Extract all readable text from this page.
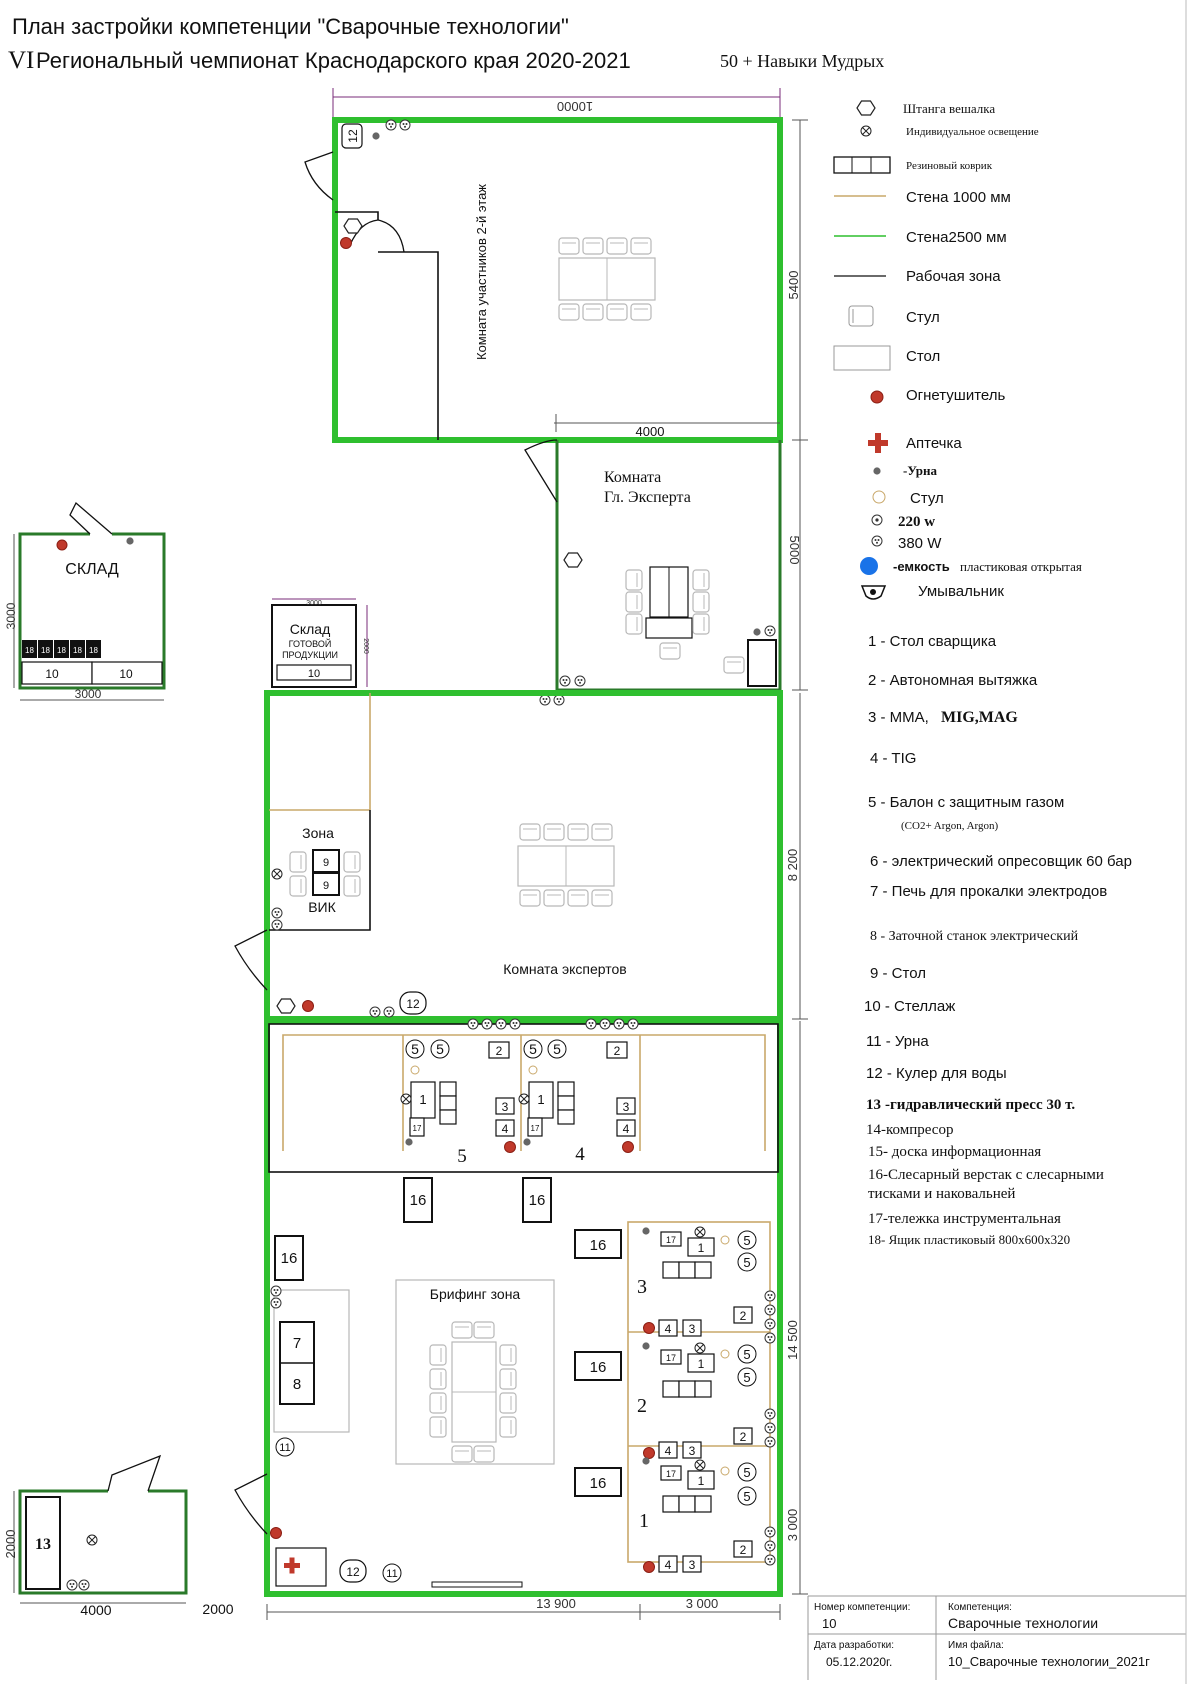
План застройки компетенции "Сварочные технологии"
VI Региональный чемпионат Краснодарского края 2020-2021	50 + Навыки Мудрых
10000
Комната участников 2-й этаж
12
4000
5400
Комната
Гл. Эксперта
5000
Зона
9
9
ВИК
Комната экспертов
12
8 200
5 5	2
1
17
3
4
5
5 5	2
1
17
3
4
4
16	16
16
16
16
16
7
8
11
Брифинг зона
17
1	5
5
3
2
4 3
17 1
5
5
2
2
4 3
17 1
5
5
1
2
4 3
12 11
14 500
3 000
13 900	3 000
СКЛАД
18 18 18 18 18
10	10
3000
3000
3000
2000
Склад
ГОТОВОЙ
ПРОДУКЦИИ
10
13
2000
4000	2000
Штанга вешалка
Индивидуальное освещение
Резиновый коврик
Стена 1000 мм
Стена2500 мм
Рабочая зона
Стул
Стол
Огнетушитель
Аптечка
-Урна
Стул
220 w
380 W
-емкость пластиковая открытая
Умывальник
1 - Стол сварщика
2 - Автономная вытяжка
3 - MMA, MIG,MAG
4 - TIG
5 - Балон с защитным газом
(CO2+ Argon, Argon)
6 - электрический опресовщик 60 бар
7 - Печь для прокалки электродов
8 - Заточной станок электрический
9 - Стол
10 - Стеллаж
11 - Урна
12 - Кулер для воды
13 -гидравлический пресс 30 т.
14-компресор
15- доска информационная
16-Слесарный верстак с слесарными
тисками и наковальней
17-тележка инструментальная
18- Ящик пластиковый 800х600х320
Номер компетенции:
10
Компетенция:
Сварочные технологии
Дата разработки:
05.12.2020г.
Имя файла:
10_Сварочные технологии_2021г
